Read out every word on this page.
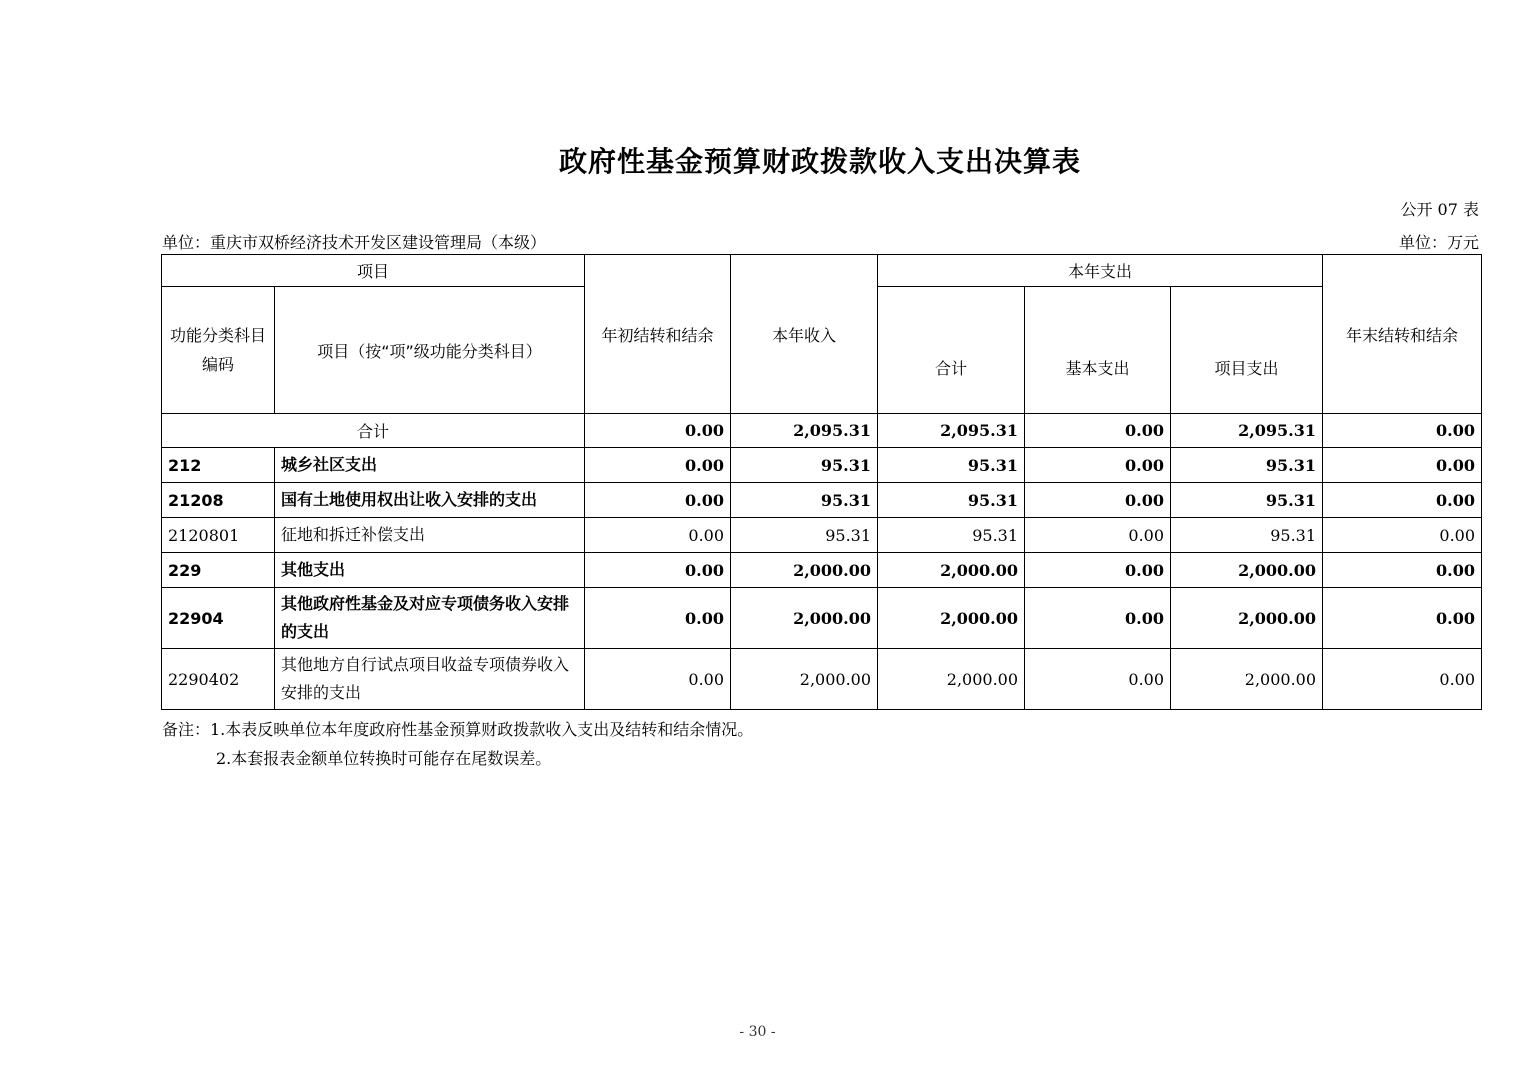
政府性基金预算财政拨款收入支出决算表
公开 07 表
单位：重庆市双桥经济技术开发区建设管理局（本级）	单位：万元
项目		年初结转和结余	本年收入	本年支出			年末结转和结余
功能分类科目编码	项目（按“项”级功能分类科目）			合计	基本支出	项目支出	
合计		0.00	2,095.31	2,095.31	0.00	2,095.31	0.00
212	城乡社区支出	0.00	95.31	95.31	0.00	95.31	0.00
21208	国有土地使用权出让收入安排的支出	0.00	95.31	95.31	0.00	95.31	0.00
2120801	征地和拆迁补偿支出	0.00	95.31	95.31	0.00	95.31	0.00
229	其他支出	0.00	2,000.00	2,000.00	0.00	2,000.00	0.00
22904	其他政府性基金及对应专项债务收入安排的支出	0.00	2,000.00	2,000.00	0.00	2,000.00	0.00
2290402	其他地方自行试点项目收益专项债券收入安排的支出	0.00	2,000.00	2,000.00	0.00	2,000.00	0.00
备注：1.本表反映单位本年度政府性基金预算财政拨款收入支出及结转和结余情况。
2.本套报表金额单位转换时可能存在尾数误差。
- 30 -
